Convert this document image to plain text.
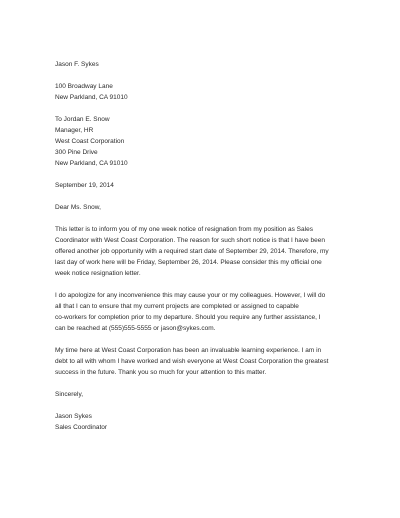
Jason F. Sykes
100 Broadway Lane
New Parkland, CA 91010
To Jordan E. Snow
Manager, HR
West Coast Corporation
300 Pine Drive
New Parkland, CA 91010
September 19, 2014
Dear Ms. Snow,
This letter is to inform you of my one week notice of resignation from my position as Sales
Coordinator with West Coast Corporation. The reason for such short notice is that I have been
offered another job opportunity with a required start date of September 29, 2014. Therefore, my
last day of work here will be Friday, September 26, 2014. Please consider this my official one
week notice resignation letter.
I do apologize for any inconvenience this may cause your or my colleagues. However, I will do
all that I can to ensure that my current projects are completed or assigned to capable
co-workers for completion prior to my departure. Should you require any further assistance, I
can be reached at (555)555-5555 or jason@sykes.com.
My time here at West Coast Corporation has been an invaluable learning experience. I am in
debt to all with whom I have worked and wish everyone at West Coast Corporation the greatest
success in the future. Thank you so much for your attention to this matter.
Sincerely,
Jason Sykes
Sales Coordinator
